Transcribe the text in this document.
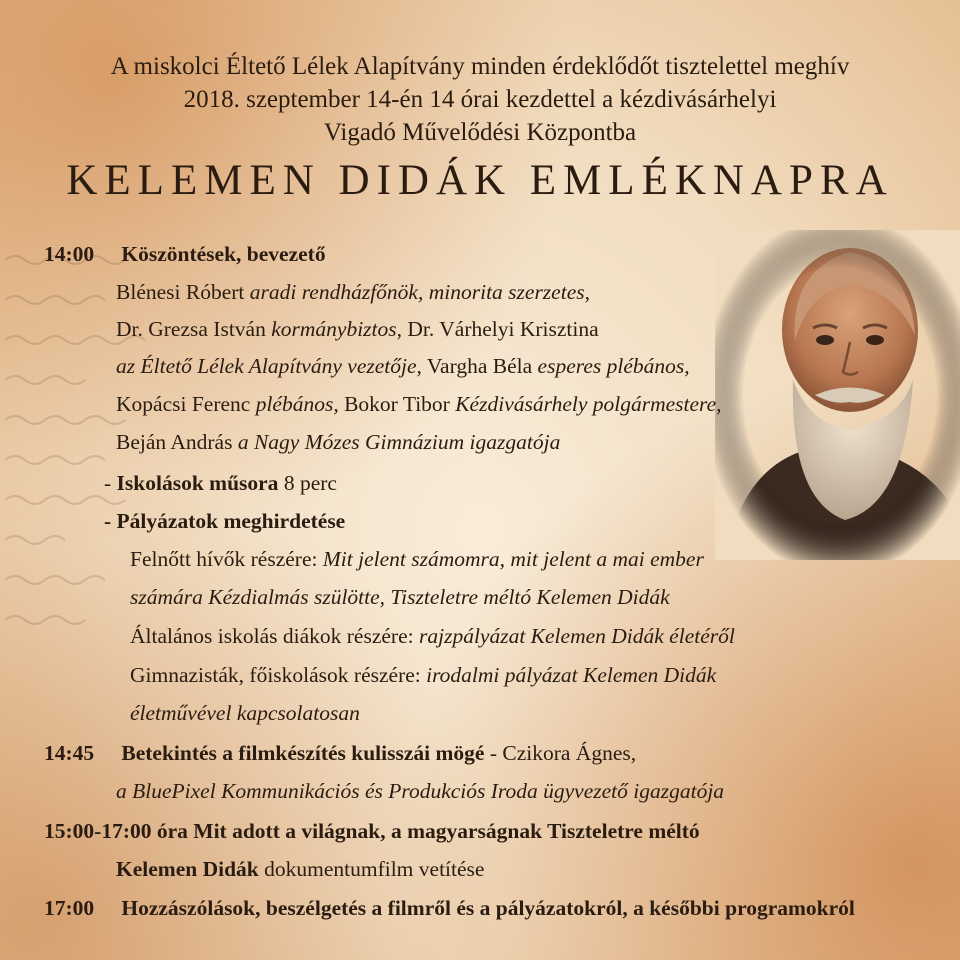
A miskolci Éltető Lélek Alapítvány minden érdeklődőt tisztelettel meghív
2018. szeptember 14-én 14 órai kezdettel a kézdivásárhelyi
Vigadó Művelődési Központba
KELEMEN DIDÁK EMLÉKNAPRA
14:00 Köszöntések, bevezető
Blénesi Róbert aradi rendházfőnök, minorita szerzetes,
Dr. Grezsa István kormánybiztos, Dr. Várhelyi Krisztina
az Éltető Lélek Alapítvány vezetője, Vargha Béla esperes plébános,
Kopácsi Ferenc plébános, Bokor Tibor Kézdivásárhely polgármestere,
Beján András a Nagy Mózes Gimnázium igazgatója
- Iskolások műsora 8 perc
- Pályázatok meghirdetése
Felnőtt hívők részére: Mit jelent számomra, mit jelent a mai ember
számára Kézdialmás szülötte, Tiszteletre méltó Kelemen Didák
Általános iskolás diákok részére: rajzpályázat Kelemen Didák életéről
Gimnazisták, főiskolások részére: irodalmi pályázat Kelemen Didák
életművével kapcsolatosan
14:45 Betekintés a filmkészítés kulisszái mögé - Czikora Ágnes,
a BluePixel Kommunikációs és Produkciós Iroda ügyvezető igazgatója
15:00-17:00 óra Mit adott a világnak, a magyarságnak Tiszteletre méltó
Kelemen Didák dokumentumfilm vetítése
17:00 Hozzászólások, beszélgetés a filmről és a pályázatokról, a későbbi programokról
